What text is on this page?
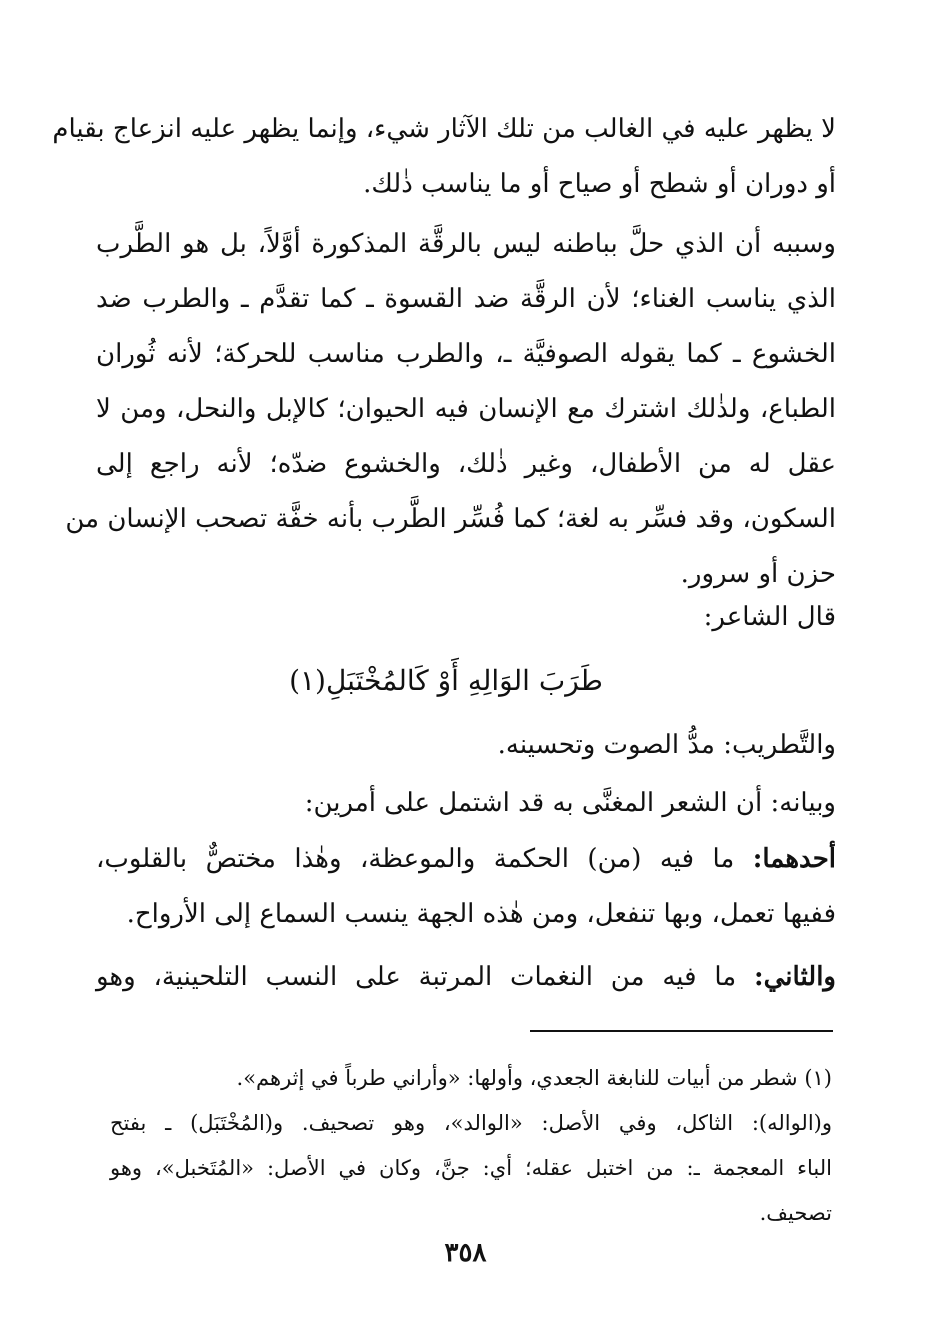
لا يظهر عليه في الغالب من تلك الآثار شيء، وإنما يظهر عليه انزعاج بقيام
أو دوران أو شطح أو صياح أو ما يناسب ذٰلك.
وسببه أن الذي حلَّ بباطنه ليس بالرقَّة المذكورة أوَّلاً، بل هو الطَّرب
الذي يناسب الغناء؛ لأن الرقَّة ضد القسوة ـ كما تقدَّم ـ والطرب ضد
الخشوع ـ كما يقوله الصوفيَّة ـ، والطرب مناسب للحركة؛ لأنه ثُوران
الطباع، ولذٰلك اشترك مع الإنسان فيه الحيوان؛ كالإبل والنحل، ومن لا
عقل له من الأطفال، وغير ذٰلك، والخشوع ضدّه؛ لأنه راجع إلى
السكون، وقد فسِّر به لغة؛ كما فُسِّر الطَّرب بأنه خفَّة تصحب الإنسان من
حزن أو سرور.
قال الشاعر:
طَرَبَ الوَالِهِ أَوْ كَالمُخْتَبَلِ(١)
والتَّطريب: مدُّ الصوت وتحسينه.
وبيانه: أن الشعر المغنَّى به قد اشتمل على أمرين:
أحدهما: ما فيه (من) الحكمة والموعظة، وهٰذا مختصٌّ بالقلوب،
ففيها تعمل، وبها تنفعل، ومن هٰذه الجهة ينسب السماع إلى الأرواح.
والثاني: ما فيه من النغمات المرتبة على النسب التلحينية، وهو
(١) شطر من أبيات للنابغة الجعدي، وأولها: «وأراني طرباً في إثرهم».
و(الواله): الثاكل، وفي الأصل: «الوالد»، وهو تصحيف. و(المُخْتَبَل) ـ بفتح
الباء المعجمة ـ: من اختبل عقله؛ أي: جنَّ، وكان في الأصل: «المُتَخبل»، وهو
تصحيف.
٣٥٨
